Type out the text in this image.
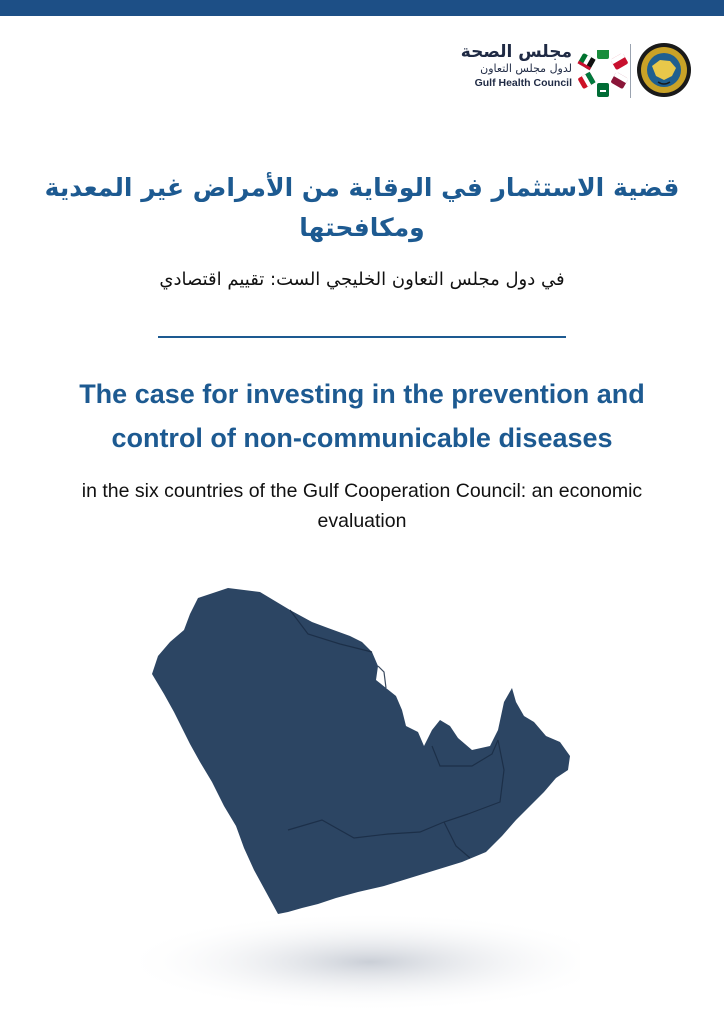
مجلس الصحة
لدول مجلس التعاون
Gulf Health Council
قضية الاستثمار في الوقاية من الأمراض غير المعدية ومكافحتها
في دول مجلس التعاون الخليجي الست: تقييم اقتصادي
The case for investing in the prevention and control of non-communicable diseases
in the six countries of the Gulf Cooperation Council: an economic evaluation
